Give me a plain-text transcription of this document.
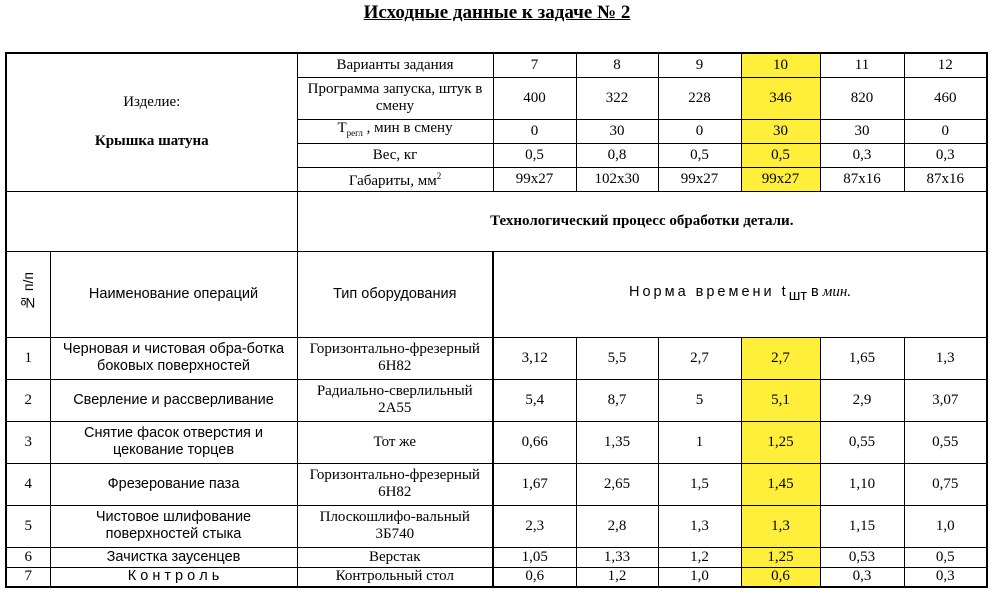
Исходные данные к задаче № 2
Изделие:
Крышка шатуна		Варианты задания	7	8	9	10	11	12
		Программа запуска, штук в смену	400	322	228	346	820	460
		$T_{регл}$ , мин в смену	0	30	0	30	30	0
		Вес, кг	0,5	0,8	0,5	0,5	0,3	0,3
		Габариты, $мм^2$	99x27	102x30	99x27	99x27	87x16	87x16
		Технологический процесс обработки детали.						
№ п/п	Наименование операций	Тип оборудования	Норма времени $t_{шт}$ в мин.					
1	Черновая и чистовая обра-ботка боковых поверхностей	Горизонтально-фрезерный 6Н82	3,12	5,5	2,7	2,7	1,65	1,3
2	Сверление и рассверливание	Радиально-сверлильный 2А55	5,4	8,7	5	5,1	2,9	3,07
3	Снятие фасок отверстия и цекование торцев	Тот же	0,66	1,35	1	1,25	0,55	0,55
4	Фрезерование паза	Горизонтально-фрезерный 6Н82	1,67	2,65	1,5	1,45	1,10	0,75
5	Чистовое шлифование поверхностей стыка	Плоскошлифо-вальный 3Б740	2,3	2,8	1,3	1,3	1,15	1,0
6	Зачистка заусенцев	Верстак	1,05	1,33	1,2	1,25	0,53	0,5
7	К о н т р о л ь	Контрольный стол	0,6	1,2	1,0	0,6	0,3	0,3
